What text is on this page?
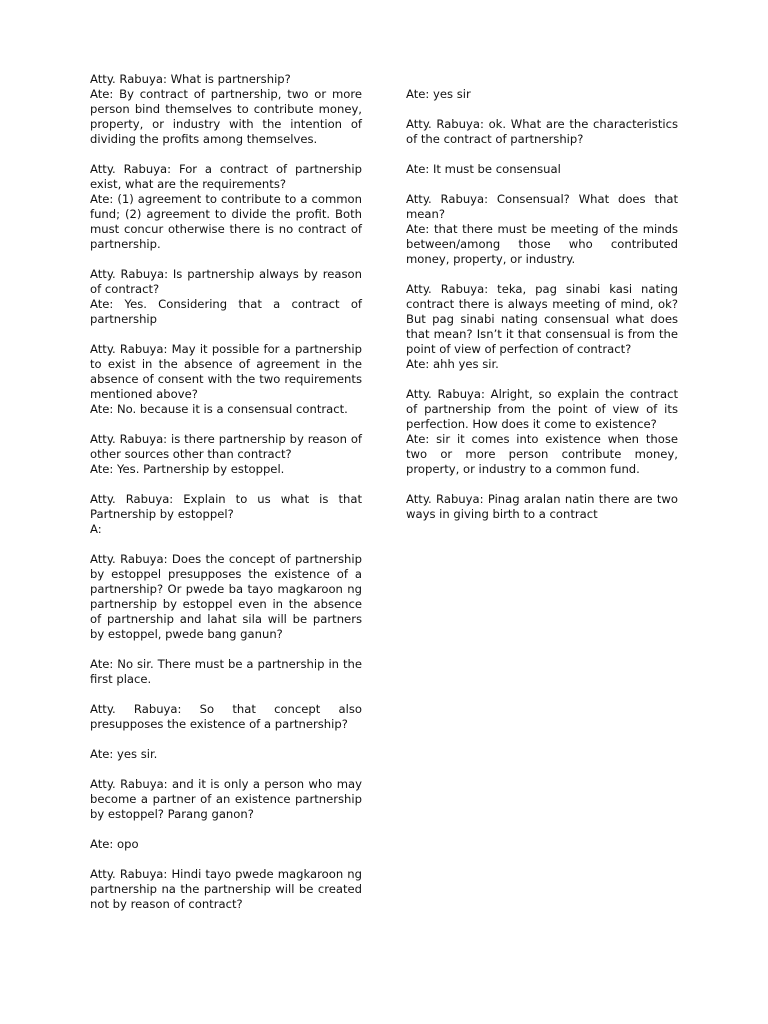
Atty. Rabuya: What is partnership?
Ate: By contract of partnership, two or more person bind themselves to contribute money, property, or industry with the intention of dividing the profits among themselves.
Atty. Rabuya: For a contract of partnership exist, what are the requirements?
Ate: (1) agreement to contribute to a common fund; (2) agreement to divide the profit. Both must concur otherwise there is no contract of partnership.
Atty. Rabuya: Is partnership always by reason of contract?
Ate: Yes. Considering that a contract of partnership
Atty. Rabuya: May it possible for a partnership to exist in the absence of agreement in the absence of consent with the two requirements mentioned above?
Ate: No. because it is a consensual contract.
Atty. Rabuya: is there partnership by reason of other sources other than contract?
Ate: Yes. Partnership by estoppel.
Atty. Rabuya: Explain to us what is that Partnership by estoppel?
A:
Atty. Rabuya: Does the concept of partnership by estoppel presupposes the existence of a partnership? Or pwede ba tayo magkaroon ng partnership by estoppel even in the absence of partnership and lahat sila will be partners by estoppel, pwede bang ganun?
Ate: No sir. There must be a partnership in the first place.
Atty. Rabuya: So that concept also presupposes the existence of a partnership?
Ate: yes sir.
Atty. Rabuya: and it is only a person who may become a partner of an existence partnership by estoppel? Parang ganon?
Ate: opo
Atty. Rabuya: Hindi tayo pwede magkaroon ng partnership na the partnership will be created not by reason of contract?
Ate: yes sir
Atty. Rabuya: ok. What are the characteristics of the contract of partnership?
Ate: It must be consensual
Atty. Rabuya: Consensual? What does that mean?
Ate: that there must be meeting of the minds between/among those who contributed money, property, or industry.
Atty. Rabuya: teka, pag sinabi kasi nating contract there is always meeting of mind, ok? But pag sinabi nating consensual what does that mean? Isn’t it that consensual is from the point of view of perfection of contract?
Ate: ahh yes sir.
Atty. Rabuya: Alright, so explain the contract of partnership from the point of view of its perfection. How does it come to existence?
Ate: sir it comes into existence when those two or more person contribute money, property, or industry to a common fund.
Atty. Rabuya: Pinag aralan natin there are two ways in giving birth to a contract
